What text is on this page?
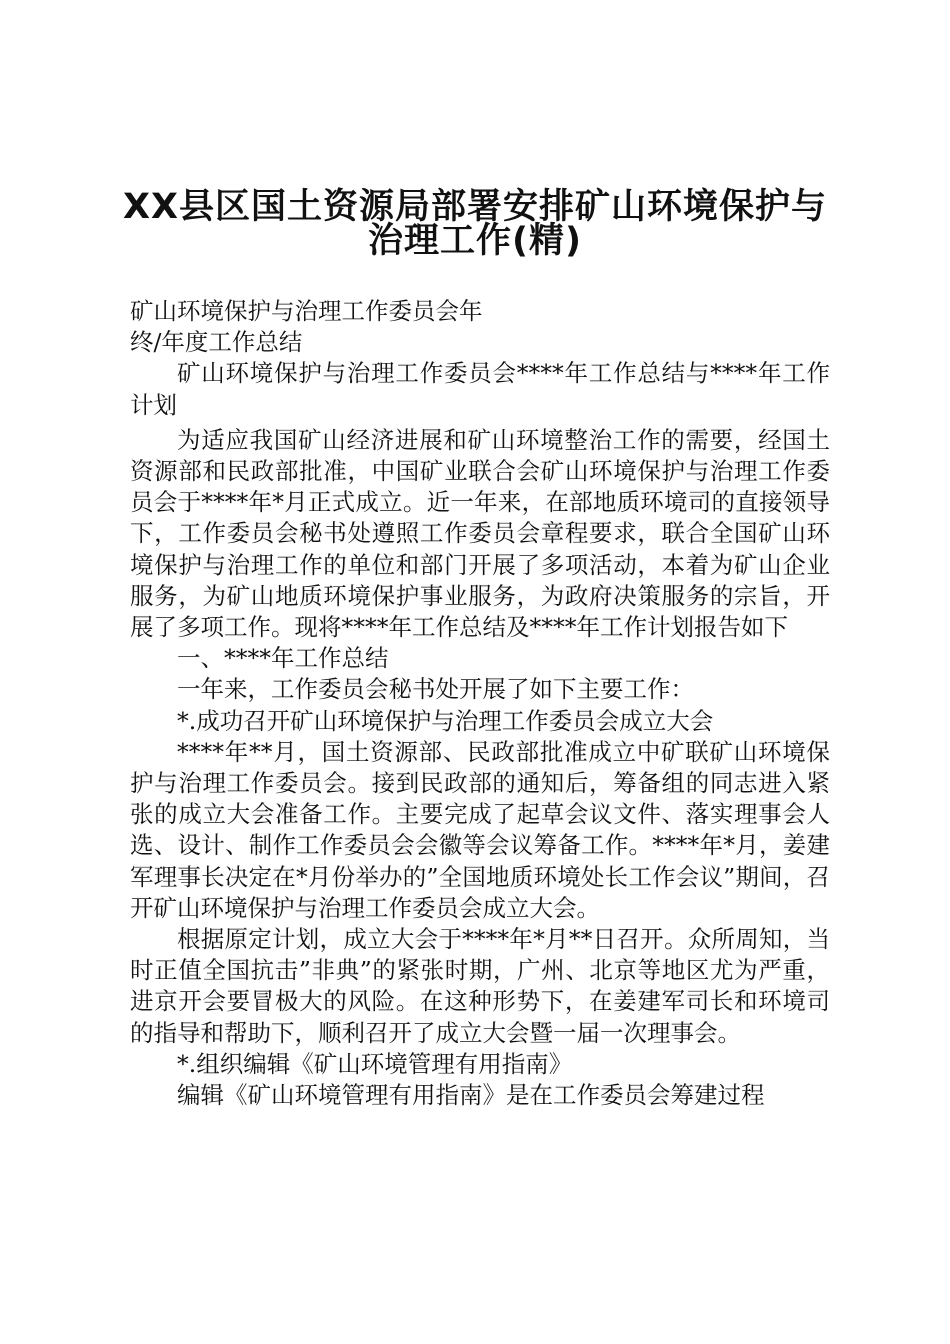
XX县区国土资源局部署安排矿山环境保护与
治理工作(精)

矿山环境保护与治理工作委员会年

终/年度工作总结

矿山环境保护与治理工作委员会****年工作总结与****年工作计划

为适应我国矿山经济进展和矿山环境整治工作的需要，经国土资源部和民政部批准，中国矿业联合会矿山环境保护与治理工作委员会于****年*月正式成立。近一年来，在部地质环境司的直接领导下，工作委员会秘书处遵照工作委员会章程要求，联合全国矿山环境保护与治理工作的单位和部门开展了多项活动，本着为矿山企业服务，为矿山地质环境保护事业服务，为政府决策服务的宗旨，开展了多项工作。现将****年工作总结及****年工作计划报告如下

一、****年工作总结

一年来，工作委员会秘书处开展了如下主要工作：

*.成功召开矿山环境保护与治理工作委员会成立大会

****年**月，国土资源部、民政部批准成立中矿联矿山环境保护与治理工作委员会。接到民政部的通知后，筹备组的同志进入紧张的成立大会准备工作。主要完成了起草会议文件、落实理事会人选、设计、制作工作委员会会徽等会议筹备工作。****年*月，姜建军理事长决定在*月份举办的”全国地质环境处长工作会议”期间，召开矿山环境保护与治理工作委员会成立大会。

根据原定计划，成立大会于****年*月**日召开。众所周知，当时正值全国抗击”非典”的紧张时期，广州、北京等地区尤为严重，进京开会要冒极大的风险。在这种形势下，在姜建军司长和环境司的指导和帮助下，顺利召开了成立大会暨一届一次理事会。

*.组织编辑《矿山环境管理有用指南》

编辑《矿山环境管理有用指南》是在工作委员会筹建过程
